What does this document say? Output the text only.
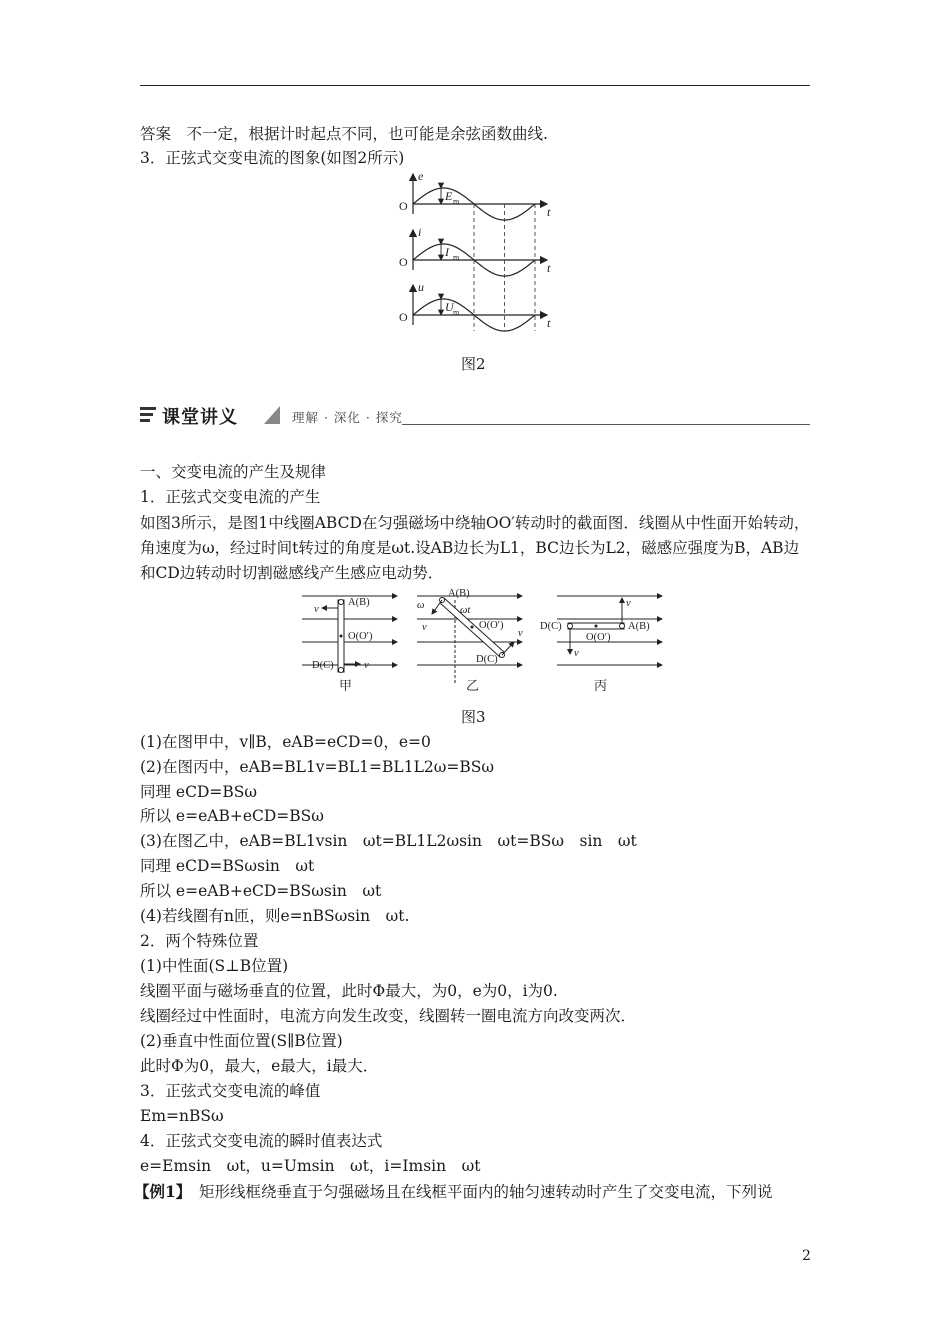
答案　不一定，根据计时起点不同，也可能是余弦函数曲线.
3．正弦式交变电流的图象(如图2所示)
e
E m
O	t
i
I m
O	t
u
U m
O	t
图2
课堂讲义	理解 · 深化 · 探究
一、交变电流的产生及规律
1．正弦式交变电流的产生
如图3所示，是图1中线圈ABCD在匀强磁场中绕轴OO′转动时的截面图．线圈从中性面开始转动，角速度为ω，经过时间t转过的角度是ωt.设AB边长为L1，BC边长为L2，磁感应强度为B，AB边和CD边转动时切割磁感线产生感应电动势．
A(B)
O(O′)
D(C)
v
v
A(B)
O(O′)
D(C)
ωt
ω
v
v
D(C)	A(B)
O(O′)
v
v
甲	乙	丙
图3
(1)在图甲中，v∥B，eAB=eCD=0，e=0
(2)在图丙中，eAB=BL1v=BL1=BL1L2ω=BSω
同理 eCD=BSω
所以 e=eAB+eCD=BSω
(3)在图乙中，eAB=BL1vsin　ωt=BL1L2ωsin　ωt=BSω　sin　ωt
同理 eCD=BSωsin　ωt
所以 e=eAB+eCD=BSωsin　ωt
(4)若线圈有n匝，则e=nBSωsin　ωt.
2．两个特殊位置
(1)中性面(S⊥B位置)
线圈平面与磁场垂直的位置，此时Φ最大，为0，e为0，i为0.
线圈经过中性面时，电流方向发生改变，线圈转一圈电流方向改变两次．
(2)垂直中性面位置(S∥B位置)
此时Φ为0，最大，e最大，i最大．
3．正弦式交变电流的峰值
Em=nBSω
4．正弦式交变电流的瞬时值表达式
e=Emsin　ωt，u=Umsin　ωt，i=Imsin　ωt
【例1】　矩形线框绕垂直于匀强磁场且在线框平面内的轴匀速转动时产生了交变电流，下列说
2
